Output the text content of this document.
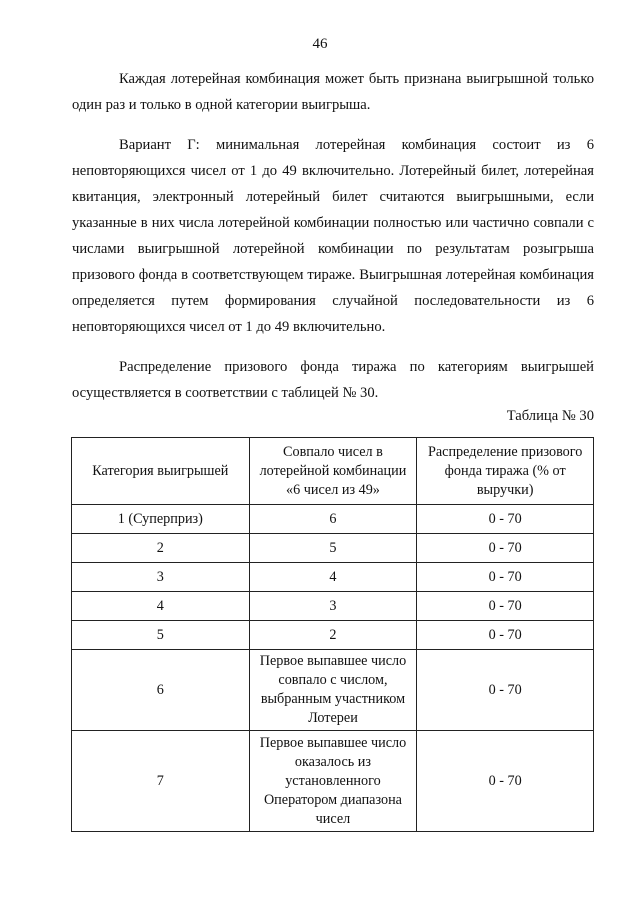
46

Каждая лотерейная комбинация может быть признана выигрышной только один раз и только в одной категории выигрыша.

Вариант Г: минимальная лотерейная комбинация состоит из 6 неповторяющихся чисел от 1 до 49 включительно. Лотерейный билет, лотерейная квитанция, электронный лотерейный билет считаются выигрышными, если указанные в них числа лотерейной комбинации полностью или частично совпали с числами выигрышной лотерейной комбинации по результатам розыгрыша призового фонда в соответствующем тираже. Выигрышная лотерейная комбинация определяется путем формирования случайной последовательности из 6 неповторяющихся чисел от 1 до 49 включительно.

Распределение призового фонда тиража по категориям выигрышей осуществляется в соответствии с таблицей № 30.

Таблица № 30
Категория выигрышей	Совпало чисел в лотерейной комбинации «6 чисел из 49»	Распределение призового фонда тиража (% от выручки)
1 (Суперприз)	6	0 - 70
2	5	0 - 70
3	4	0 - 70
4	3	0 - 70
5	2	0 - 70
6	Первое выпавшее число совпало с числом, выбранным участником Лотереи	0 - 70
7	Первое выпавшее число оказалось из установленного Оператором диапазона чисел	0 - 70
